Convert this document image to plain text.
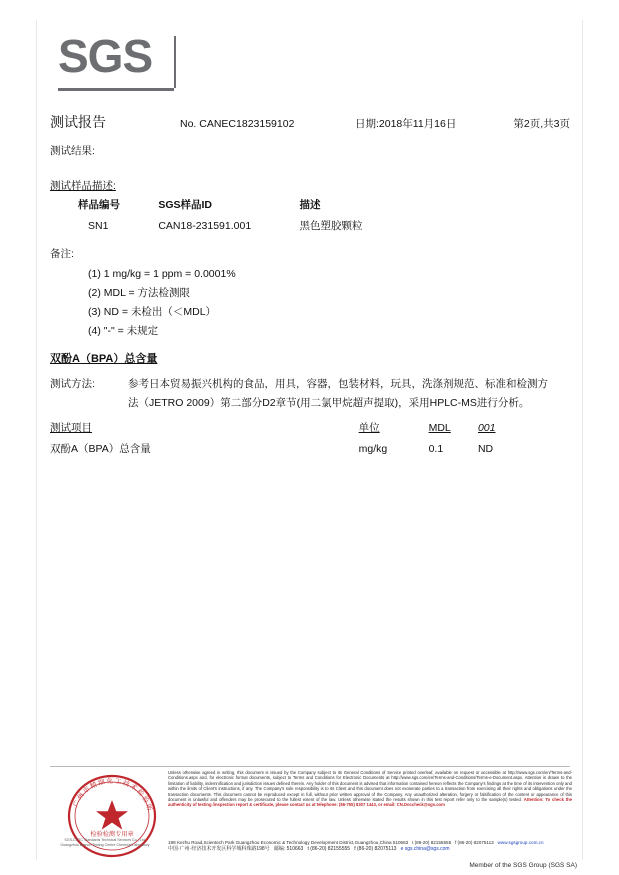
SGS
测试报告	No. CANEC1823159102	日期:2018年11月16日	第2页,共3页
测试结果:
测试样品描述:
样品编号	SGS样品ID	描述
SN1	CAN18-231591.001	黑色塑胶颗粒
备注:
(1) 1 mg/kg = 1 ppm = 0.0001%
(2) MDL = 方法检测限
(3) ND = 未检出（＜MDL）
(4) "-" = 未规定
双酚A（BPA）总含量
测试方法:	参考日本贸易振兴机构的食品，用具，容器，包装材料，玩具，洗涤剂规范、标准和检测方法（JETRO 2009）第二部分D2章节(用二氯甲烷超声提取)，采用HPLC-MS进行分析。
测试项目	单位	MDL	001
双酚A（BPA）总含量	mg/kg	0.1	ND
广州市精细化工技术检验所
检验检测专用章
SGS-CSTC Standards Technical Services Co., Ltd.
Guangzhou Branch Testing Centre Chemical Laboratory
Unless otherwise agreed in writing, this document is issued by the Company subject to its General Conditions of Service printed overleaf, available on request or accessible at http://www.sgs.com/en/Terms-and-Conditions.aspx and, for electronic format documents, subject to Terms and Conditions for Electronic Documents at http://www.sgs.com/en/Terms-and-Conditions/Terms-e-Document.aspx. Attention is drawn to the limitation of liability, indemnification and jurisdiction issues defined therein. Any holder of this document is advised that information contained hereon reflects the Company's findings at the time of its intervention only and within the limits of Client's instructions, if any. The Company's sole responsibility is to its Client and this document does not exonerate parties to a transaction from exercising all their rights and obligations under the transaction documents. This document cannot be reproduced except in full, without prior written approval of the Company. Any unauthorized alteration, forgery or falsification of the content or appearance of this document is unlawful and offenders may be prosecuted to the fullest extent of the law. Unless otherwise stated the results shown in this test report refer only to the sample(s) tested. Attention: To check the authenticity of testing /inspection report & certificate, please contact us at telephone: (86-755) 8307 1443, or email: CN.Doccheck@sgs.com
198 Kezhu Road,Scientech Park Guangzhou Economic & Technology Development District,Guangzhou,China 510663 t (86-20) 82155555 f (86-20) 82075113 www.sgsgroup.com.cn
中国·广州·经济技术开发区科学城科珠路198号 邮编: 510663 t (86-20) 82155555 f (86-20) 82075113 e sgs.china@sgs.com
Member of the SGS Group (SGS SA)
